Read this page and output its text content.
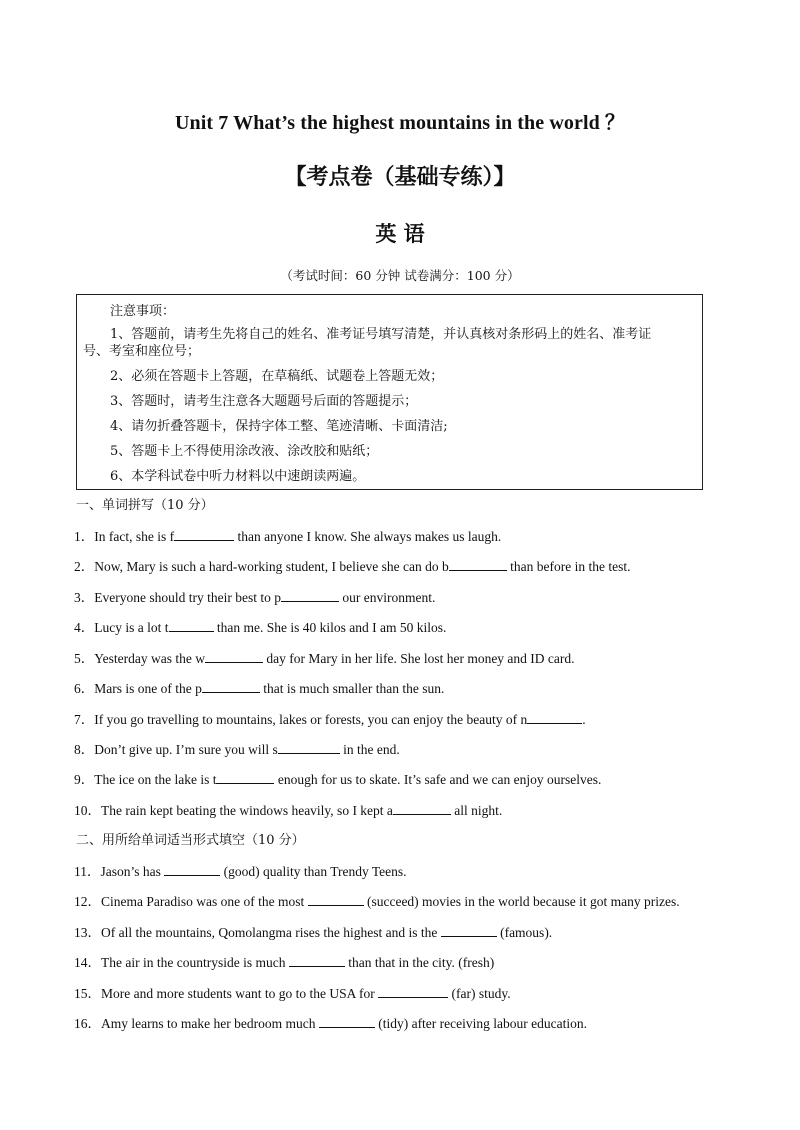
Unit 7 What’s the highest mountains in the world ？
【考点卷（基础专练）】
英 语
（考试时间：60 分钟 试卷满分：100 分）
注意事项：
1、答题前，请考生先将自己的姓名、准考证号填写清楚，并认真核对条形码上的姓名、准考证
号、考室和座位号；
2、必须在答题卡上答题，在草稿纸、试题卷上答题无效；
3、答题时，请考生注意各大题题号后面的答题提示；
4、请勿折叠答题卡，保持字体工整、笔迹清晰、卡面清洁;
5、答题卡上不得使用涂改液、涂改胶和贴纸；
6、本学科试卷中听力材料以中速朗读两遍。
一、单词拼写（10 分）
1．In fact, she is f	than anyone I know. She always makes us laugh.
2．Now, Mary is such a hard-working student, I believe she can do b	than before in the test.
3．Everyone should try their best to p	our environment.
4．Lucy is a lot t	than me. She is 40 kilos and I am 50 kilos.
5．Yesterday was the w	day for Mary in her life. She lost her money and ID card.
6．Mars is one of the p	that is much smaller than the sun.
7．If you go travelling to mountains, lakes or forests, you can enjoy the beauty of n	.
8．Don’t give up. I’m sure you will s	in the end.
9．The ice on the lake is t	enough for us to skate. It’s safe and we can enjoy ourselves.
10．The rain kept beating the windows heavily, so I kept a	all night.
二、用所给单词适当形式填空（10 分）
11．Jason’s has	(good) quality than Trendy Teens.
12．Cinema Paradiso was one of the most	(succeed) movies in the world because it got many prizes.
13．Of all the mountains, Qomolangma rises the highest and is the	(famous).
14．The air in the countryside is much	than that in the city. (fresh)
15．More and more students want to go to the USA for	(far) study.
16．Amy learns to make her bedroom much	(tidy) after receiving labour education.
